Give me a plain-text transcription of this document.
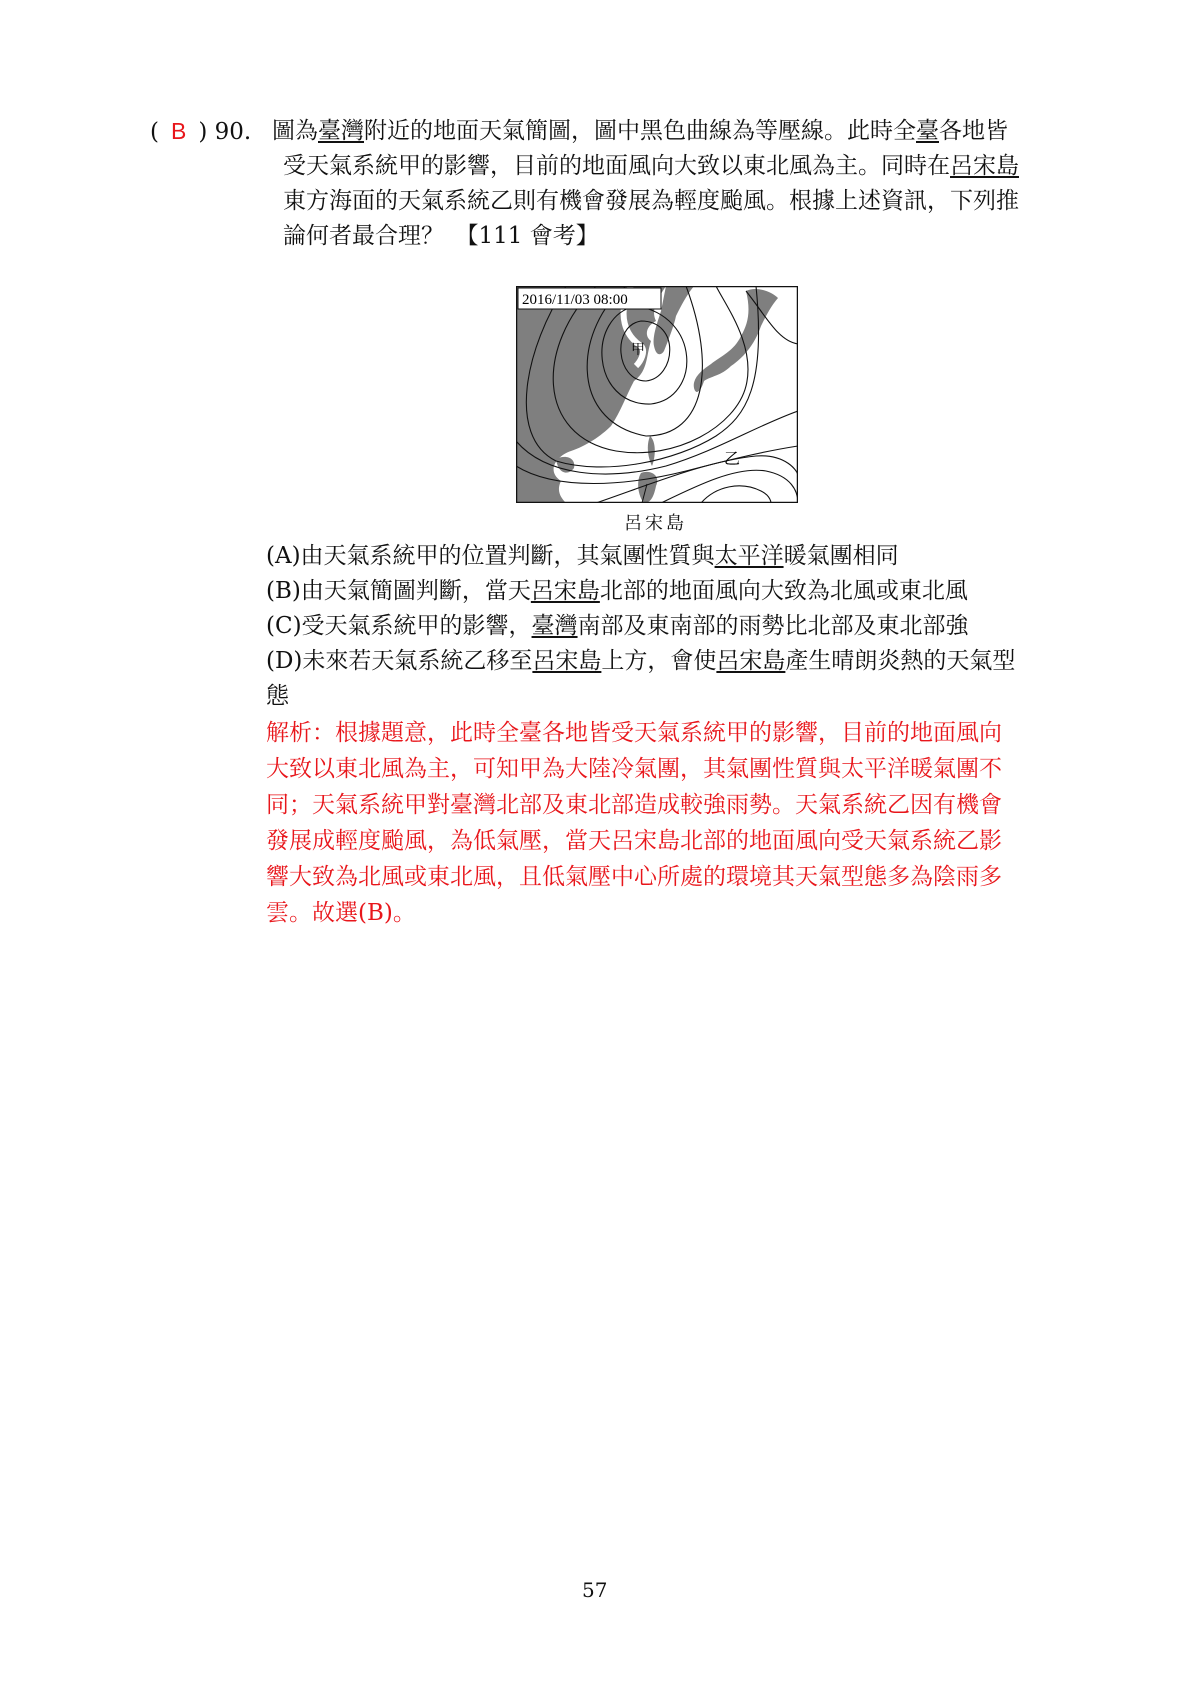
( B ) 90. 圖為臺灣附近的地面天氣簡圖，圖中黑色曲線為等壓線。此時全臺各地皆
受天氣系統甲的影響，目前的地面風向大致以東北風為主。同時在呂宋島
東方海面的天氣系統乙則有機會發展為輕度颱風。根據上述資訊，下列推
論何者最合理？　【111 會考】
2016/11/03 08:00
甲
乙
呂宋島
(A)由天氣系統甲的位置判斷，其氣團性質與太平洋暖氣團相同
(B)由天氣簡圖判斷，當天呂宋島北部的地面風向大致為北風或東北風
(C)受天氣系統甲的影響，臺灣南部及東南部的雨勢比北部及東北部強
(D)未來若天氣系統乙移至呂宋島上方，會使呂宋島產生晴朗炎熱的天氣型
態
解析：根據題意，此時全臺各地皆受天氣系統甲的影響，目前的地面風向
大致以東北風為主，可知甲為大陸冷氣團，其氣團性質與太平洋暖氣團不
同；天氣系統甲對臺灣北部及東北部造成較強雨勢。天氣系統乙因有機會
發展成輕度颱風，為低氣壓，當天呂宋島北部的地面風向受天氣系統乙影
響大致為北風或東北風，且低氣壓中心所處的環境其天氣型態多為陰雨多
雲。故選(B)。
57
